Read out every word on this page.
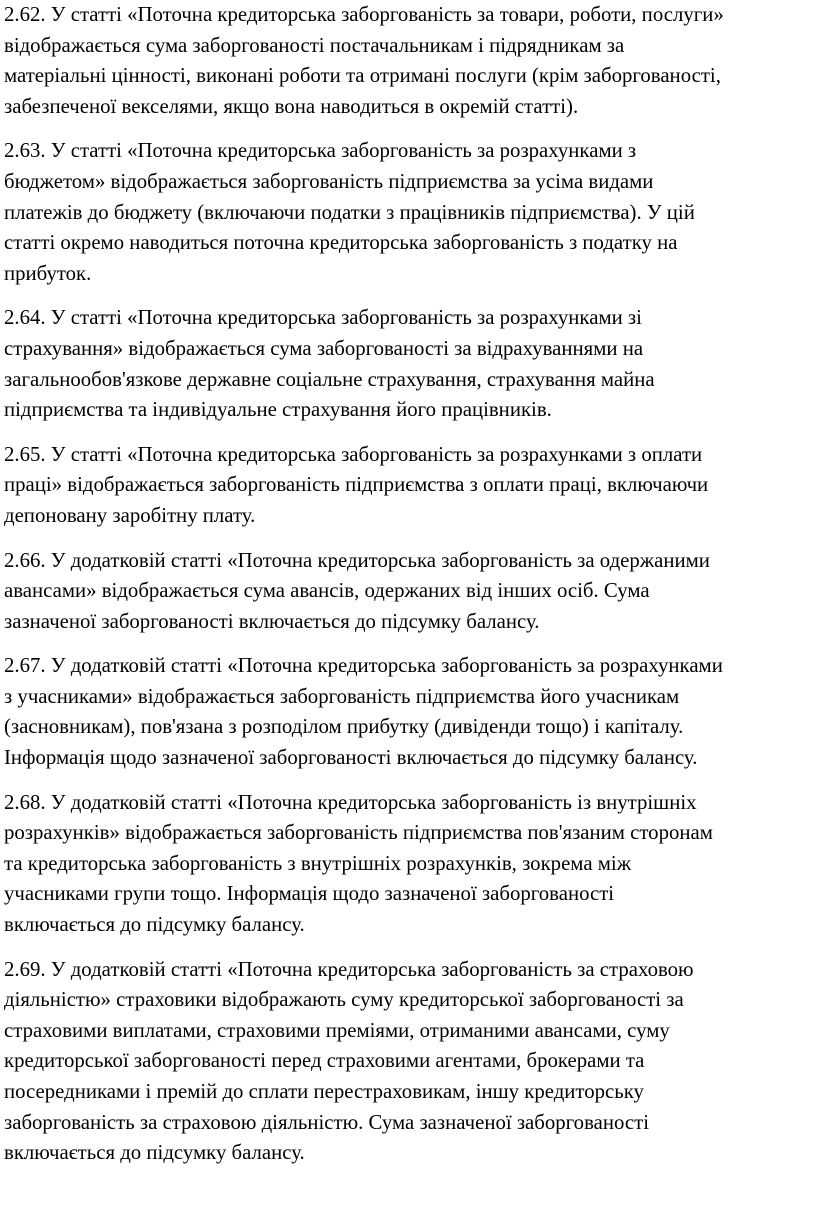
2.62. У статті «Поточна кредиторська заборгованість за товари, роботи, послуги»
відображається сума заборгованості постачальникам і підрядникам за
матеріальні цінності, виконані роботи та отримані послуги (крім заборгованості,
забезпеченої векселями, якщо вона наводиться в окремій статті).

2.63. У статті «Поточна кредиторська заборгованість за розрахунками з
бюджетом» відображається заборгованість підприємства за усіма видами
платежів до бюджету (включаючи податки з працівників підприємства). У цій
статті окремо наводиться поточна кредиторська заборгованість з податку на
прибуток.

2.64. У статті «Поточна кредиторська заборгованість за розрахунками зі
страхування» відображається сума заборгованості за відрахуваннями на
загальнообов'язкове державне соціальне страхування, страхування майна
підприємства та індивідуальне страхування його працівників.

2.65. У статті «Поточна кредиторська заборгованість за розрахунками з оплати
праці» відображається заборгованість підприємства з оплати праці, включаючи
депоновану заробітну плату.

2.66. У додатковій статті «Поточна кредиторська заборгованість за одержаними
авансами» відображається сума авансів, одержаних від інших осіб. Сума
зазначеної заборгованості включається до підсумку балансу.

2.67. У додатковій статті «Поточна кредиторська заборгованість за розрахунками
з учасниками» відображається заборгованість підприємства його учасникам
(засновникам), пов'язана з розподілом прибутку (дивіденди тощо) і капіталу.
Інформація щодо зазначеної заборгованості включається до підсумку балансу.

2.68. У додатковій статті «Поточна кредиторська заборгованість із внутрішніх
розрахунків» відображається заборгованість підприємства пов'язаним сторонам
та кредиторська заборгованість з внутрішніх розрахунків, зокрема між
учасниками групи тощо. Інформація щодо зазначеної заборгованості
включається до підсумку балансу.

2.69. У додатковій статті «Поточна кредиторська заборгованість за страховою
діяльністю» страховики відображають суму кредиторської заборгованості за
страховими виплатами, страховими преміями, отриманими авансами, суму
кредиторської заборгованості перед страховими агентами, брокерами та
посередниками і премій до сплати перестраховикам, іншу кредиторську
заборгованість за страховою діяльністю. Сума зазначеної заборгованості
включається до підсумку балансу.
